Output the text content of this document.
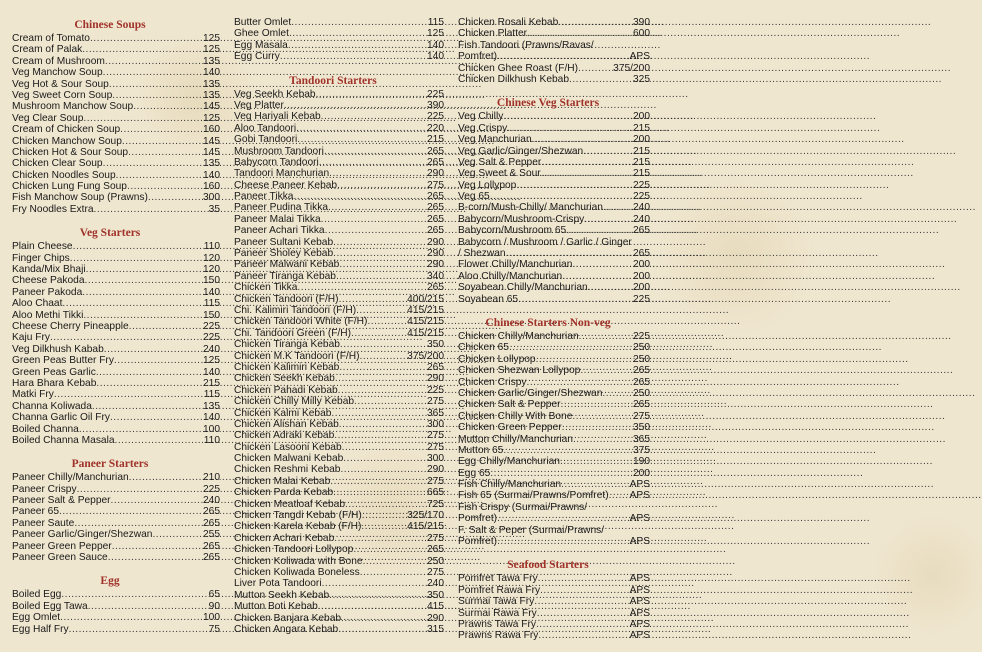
Chinese Soups
Cream of Tomato .....	125
Cream of Palak .....	125
Cream of Mushroom .....	135
Veg Manchow Soup .....	140
Veg Hot & Sour Soup .....	135
Veg Sweet Corn Soup .....	135
Mushroom Manchow Soup .....	145
Veg Clear Soup .....	125
Cream of Chicken Soup .....	160
Chicken Manchow Soup .....	145
Chicken Hot & Sour Soup .....	145
Chicken Clear Soup .....	135
Chicken Noodles Soup .....	140
Chicken Lung Fung Soup .....	160
Fish Manchow Soup (Prawns) .....	300
Fry Noodles Extra .....	35
Veg Starters
Plain Cheese .....	110
Finger Chips .....	120
Kanda/Mix Bhaji .....	120
Cheese Pakoda .....	150
Paneer Pakoda .....	140
Aloo Chaat .....	115
Aloo Methi Tikki .....	150
Cheese Cherry Pineapple .....	225
Kaju Fry .....	225
Veg Dilkhush Kabab .....	240
Green Peas Butter Fry .....	125
Green Peas Garlic .....	140
Hara Bhara Kebab .....	215
Matki Fry .....	115
Channa Koliwada .....	135
Channa Garlic Oil Fry .....	140
Boiled Channa .....	100
Boiled Channa Masala .....	110
Paneer Starters
Paneer Chilly/Manchurian .....	210
Paneer Crispy .....	225
Paneer Salt & Pepper .....	240
Paneer 65 .....	265
Paneer Saute .....	265
Paneer Garlic/Ginger/Shezwan .....	255
Paneer Green Pepper .....	265
Paneer Green Sauce .....	265
Egg
Boiled Egg .....	65
Boiled Egg Tawa .....	90
Egg Omlet .....	100
Egg Half Fry .....	75
Butter Omlet .....	115
Ghee Omlet .....	125
Egg Masala .....	140
Egg Curry .....	140
Tandoori Starters
Veg Seekh Kebab .....	225
Veg Platter .....	390
Veg Hariyali Kebab .....	225
Aloo Tandoori .....	220
Gobi Tandoori .....	215
Mushroom Tandoori .....	265
Babycorn Tandoori .....	265
Tandoori Manchurian .....	290
Cheese Paneer Kebab .....	275
Paneer Tikka .....	265
Paneer Pudina Tikka .....	265
Paneer Malai Tikka .....	265
Paneer Achari Tikka .....	265
Paneer Sultani Kebab .....	290
Paneer Sholey Kebab .....	290
Paneer Malwani Kebab .....	290
Paneer Tiranga Kebab .....	340
Chicken Tikka .....	265
Chicken Tandoori (F/H) .....	400/215
Chi. Kalimiri Tandoori (F/H) .....	415/215
Chicken Tandoori White (F/H) .....	415/215
Chi. Tandoori Green (F/H) .....	415/215
Chicken Tiranga Kebab .....	350
Chicken M.K Tandoori (F/H) .....	375/200
Chicken Kalimiri Kebab .....	265
Chicken Seekh Kebab .....	290
Chicken Pahadi Kebab .....	225
Chicken Chilly Milly Kebab .....	275
Chicken Kalmi Kebab .....	365
Chicken Alishan Kebab .....	300
Chicken Adraki Kebab .....	275
Chicken Lasooni Kebab .....	275
Chicken Malwani Kebab .....	300
Chicken Reshmi Kebab .....	290
Chicken Malai Kebab .....	275
Chicken Parda Kebab .....	665
Chicken Meatloaf Kebab .....	725
Chicken Tangdi Kebab (F/H) .....	325/170
Chicken Karela Kebab (F/H) .....	415/215
Chicken Achari Kebab .....	275
Chicken Tandoori Lollypop .....	265
Chicken Koliwada with Bone .....	250
Chicken Koliwada Boneless .....	275
Liver Pota Tandoori .....	240
Mutton Seekh Kebab .....	350
Mutton Boti Kebab .....	415
Chicken Banjara Kebab .....	290
Chicken Angara Kebab .....	315
Chicken Rosali Kebab .....	390
Chicken Platter .....	600
Fish Tandoori (Prawns/Ravas/
Pomfret) .....	APS
Chicken Ghee Roast (F/H) .....	375/200
Chicken Dilkhush Kebab .....	325
Chinese Veg Starters
Veg Chilly .....	200
Veg Crispy .....	215
Veg Manchurian .....	200
Veg Garlic/Ginger/Shezwan .....	215
Veg Salt & Pepper .....	215
Veg Sweet & Sour .....	215
Veg Lollypop .....	225
Veg 65 .....	225
B-corn/Mush-Chilly/ Manchurian .....	240
Babycorn/Mushroom-Crispy .....	240
Babycorn/Mushroom 65 .....	265
Babycorn / Mushroom / Garlic / Ginger
/ Shezwan .....	265
Flower Chilly/Manchurian .....	200
Aloo Chilly/Manchurian .....	200
Soyabean Chilly/Manchurian .....	200
Soyabean 65 .....	225
Chinese Starters Non-veg
Chicken Chilly/Manchurian .....	225
Chicken 65 .....	250
Chicken Lollypop .....	250
Chicken Shezwan Lollypop .....	265
Chicken Crispy .....	265
Chicken Garlic/Ginger/Shezwan .....	250
Chicken Salt & Pepper .....	265
Chicken Chilly With Bone .....	275
Chicken Green Pepper .....	350
Mutton Chilly/Manchurian .....	365
Mutton 65 .....	375
Egg Chilly/Manchurian .....	190
Egg 65 .....	200
Fish Chilly/Manchurian .....	APS
Fish 65 (Surmai/Prawns/Pomfret) ..... APS
Fish Crispy (Surmai/Prawns/
Pomfret) .....	APS
F. Salt & Peper (Surmai/Prawns/
Pomfret) .....	APS
Seafood Starters
Pomfret Tawa Fry .....	APS
Pomfret Rawa Fry .....	APS
Surmai Tawa Fry .....	APS
Surmai Rawa Fry .....	APS
Prawns Tawa Fry .....	APS
Prawns Rawa Fry .....	APS
